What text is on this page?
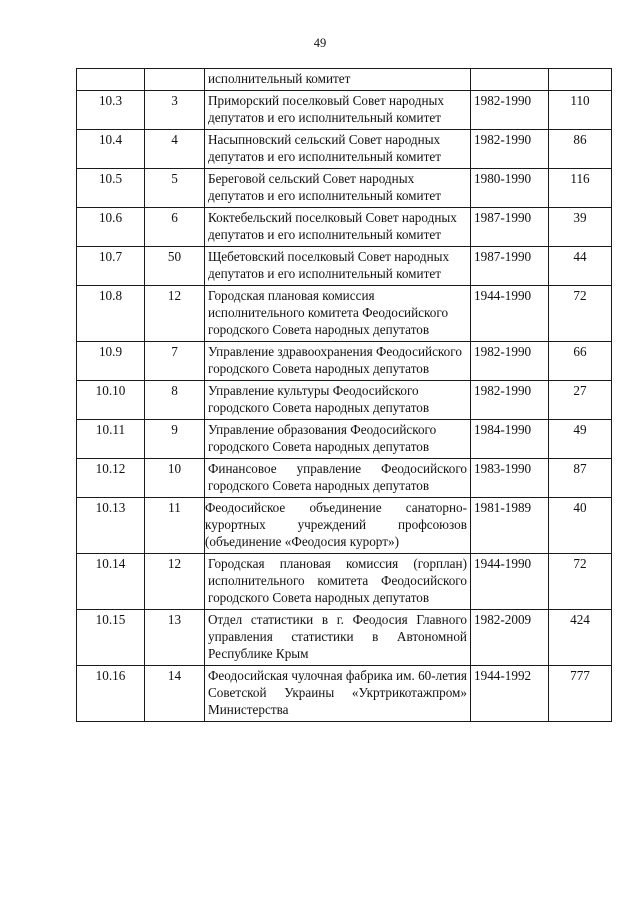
49
		исполнительный комитет		
10.3	3	Приморский поселковый Совет народных депутатов и его исполнительный комитет	1982-1990	110
10.4	4	Насыпновский сельский Совет народных депутатов и его исполнительный комитет	1982-1990	86
10.5	5	Береговой сельский Совет народных депутатов и его исполнительный комитет	1980-1990	116
10.6	6	Коктебельский поселковый Совет народных депутатов и его исполнительный комитет	1987-1990	39
10.7	50	Щебетовский поселковый Совет народных депутатов и его исполнительный комитет	1987-1990	44
10.8	12	Городская плановая комиссия исполнительного комитета Феодосийского городского Совета народных депутатов	1944-1990	72
10.9	7	Управление здравоохранения Феодосийского городского Совета народных депутатов	1982-1990	66
10.10	8	Управление культуры Феодосийского городского Совета народных депутатов	1982-1990	27
10.11	9	Управление образования Феодосийского городского Совета народных депутатов	1984-1990	49
10.12	10	Финансовое управление Феодосийского городского Совета народных депутатов	1983-1990	87
10.13	11	Феодосийское объединение санаторно-курортных учреждений профсоюзов (объединение «Феодосия курорт»)	1981-1989	40
10.14	12	Городская плановая комиссия (горплан) исполнительного комитета Феодосийского городского Совета народных депутатов	1944-1990	72
10.15	13	Отдел статистики в г. Феодосия Главного управления статистики в Автономной Республике Крым	1982-2009	424
10.16	14	Феодосийская чулочная фабрика им. 60-летия Советской Украины «Укртрикотажпром» Министерства	1944-1992	777
